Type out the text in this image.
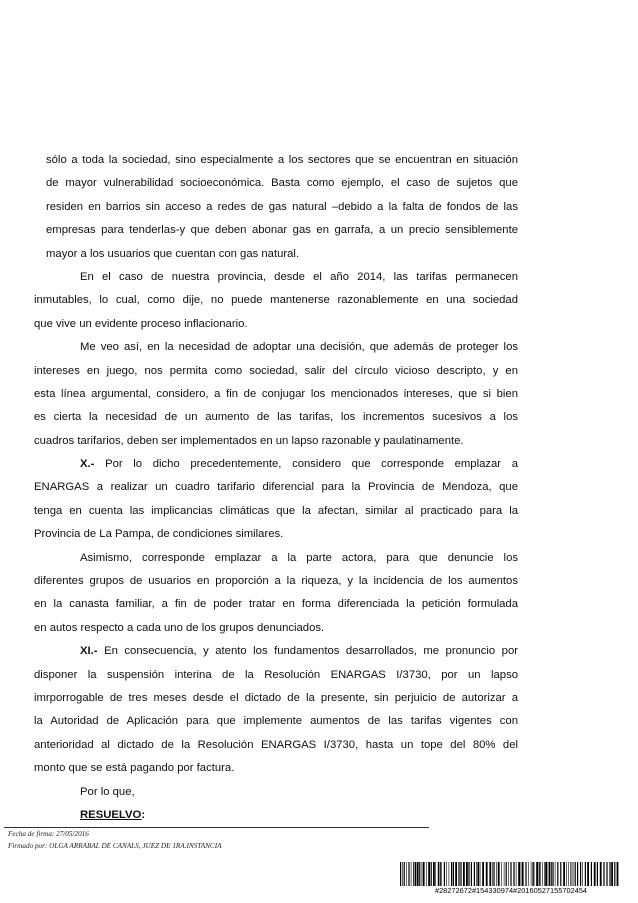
sólo a toda la sociedad, sino especialmente a los sectores que se encuentran en situación
de mayor vulnerabilidad socioeconómica. Basta como ejemplo, el caso de sujetos que
residen en barrios sin acceso a redes de gas natural –debido a la falta de fondos de las
empresas para tenderlas-y que deben abonar gas en garrafa, a un precio sensiblemente
mayor a los usuarios que cuentan con gas natural.
En el caso de nuestra provincia, desde el año 2014, las tarifas permanecen
inmutables, lo cual, como dije, no puede mantenerse razonablemente en una sociedad
que vive un evidente proceso inflacionario.
Me veo así, en la necesidad de adoptar una decisión, que además de proteger los
intereses en juego, nos permita como sociedad, salir del círculo vicioso descripto, y en
esta línea argumental, considero, a fin de conjugar los mencionados intereses, que si bien
es cierta la necesidad de un aumento de las tarifas, los incrementos sucesivos a los
cuadros tarifarios, deben ser implementados en un lapso razonable y paulatinamente.
X.- Por lo dicho precedentemente, considero que corresponde emplazar a
ENARGAS a realizar un cuadro tarifario diferencial para la Provincia de Mendoza, que
tenga en cuenta las implicancias climáticas que la afectan, similar al practicado para la
Provincia de La Pampa, de condiciones similares.
Asimismo, corresponde emplazar a la parte actora, para que denuncie los
diferentes grupos de usuarios en proporción a la riqueza, y la incidencia de los aumentos
en la canasta familiar, a fin de poder tratar en forma diferenciada la petición formulada
en autos respecto a cada uno de los grupos denunciados.
XI.- En consecuencia, y atento los fundamentos desarrollados, me pronuncio por
disponer la suspensión interina de la Resolución ENARGAS I/3730, por un lapso
imrporrogable de tres meses desde el dictado de la presente, sin perjuicio de autorizar a
la Autoridad de Aplicación para que implemente aumentos de las tarifas vigentes con
anterioridad al dictado de la Resolución ENARGAS I/3730, hasta un tope del 80% del
monto que se está pagando por factura.
Por lo que,
RESUELVO:
Fecha de firma: 27/05/2016
Firmado por: OLGA ARRABAL DE CANALS, JUEZ DE 1RA.INSTANCIA
#28272672#154330974#20160527155702454
